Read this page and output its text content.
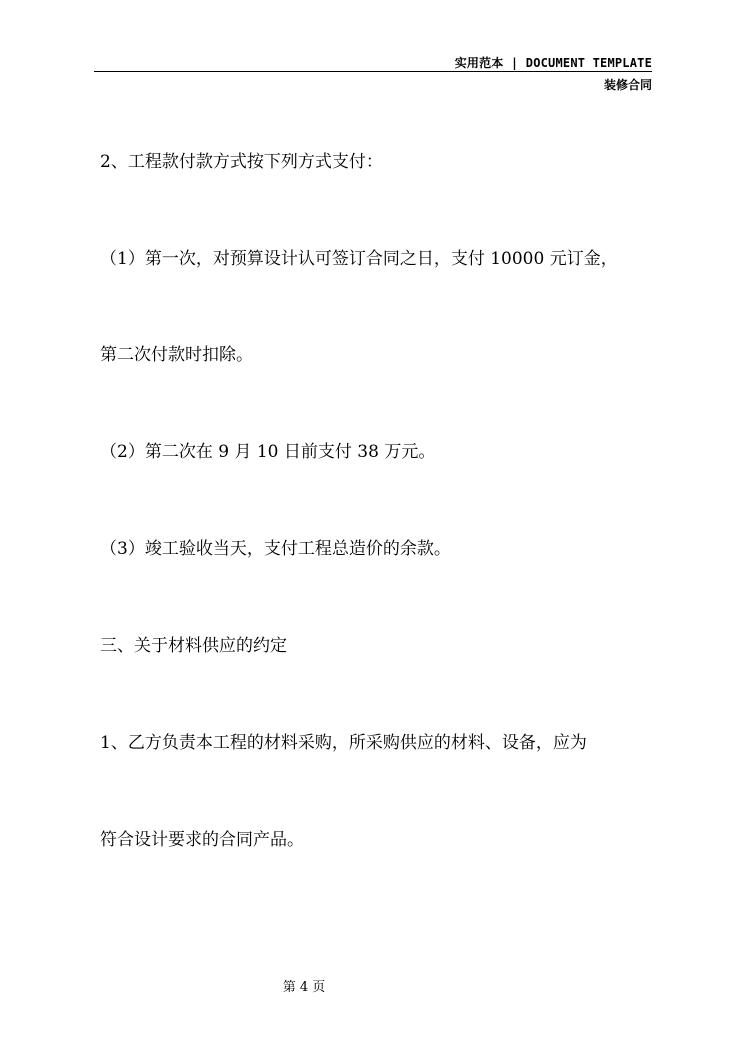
实用范本 | DOCUMENT TEMPLATE
装修合同
2、工程款付款方式按下列方式支付：
（1）第一次，对预算设计认可签订合同之日，支付 10000 元订金，
第二次付款时扣除。
（2）第二次在 9 月 10 日前支付 38 万元。
（3）竣工验收当天，支付工程总造价的余款。
三、关于材料供应的约定
1、乙方负责本工程的材料采购，所采购供应的材料、设备，应为
符合设计要求的合同产品。
第 4 页
